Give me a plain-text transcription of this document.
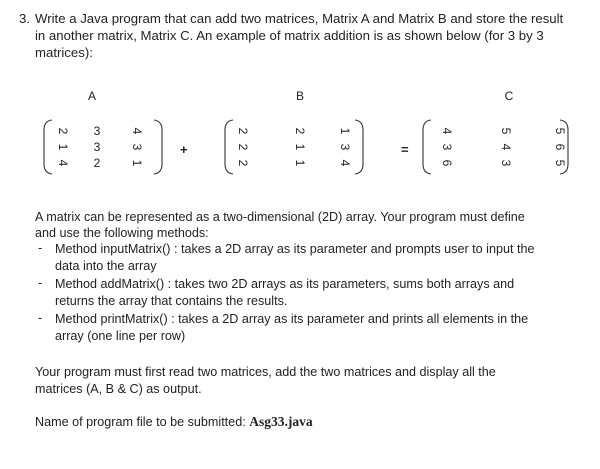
3. Write a Java program that can add two matrices, Matrix A and Matrix B and store the result
in another matrix, Matrix C. An example of matrix addition is as shown below (for 3 by 3
matrices):
A	B	C
2
1
4
3
3
2
4
3
1
+
2
2
2
2
1
1
1
3
4
=
4
3
6
5
4
3
5
6
5
A matrix can be represented as a two-dimensional (2D) array. Your program must define
and use the following methods:
- Method inputMatrix() : takes a 2D array as its parameter and prompts user to input the
data into the array
- Method addMatrix() : takes two 2D arrays as its parameters, sums both arrays and
returns the array that contains the results.
- Method printMatrix() : takes a 2D array as its parameter and prints all elements in the
array (one line per row)
Your program must first read two matrices, add the two matrices and display all the
matrices (A, B & C) as output.
Name of program file to be submitted: Asg33.java
